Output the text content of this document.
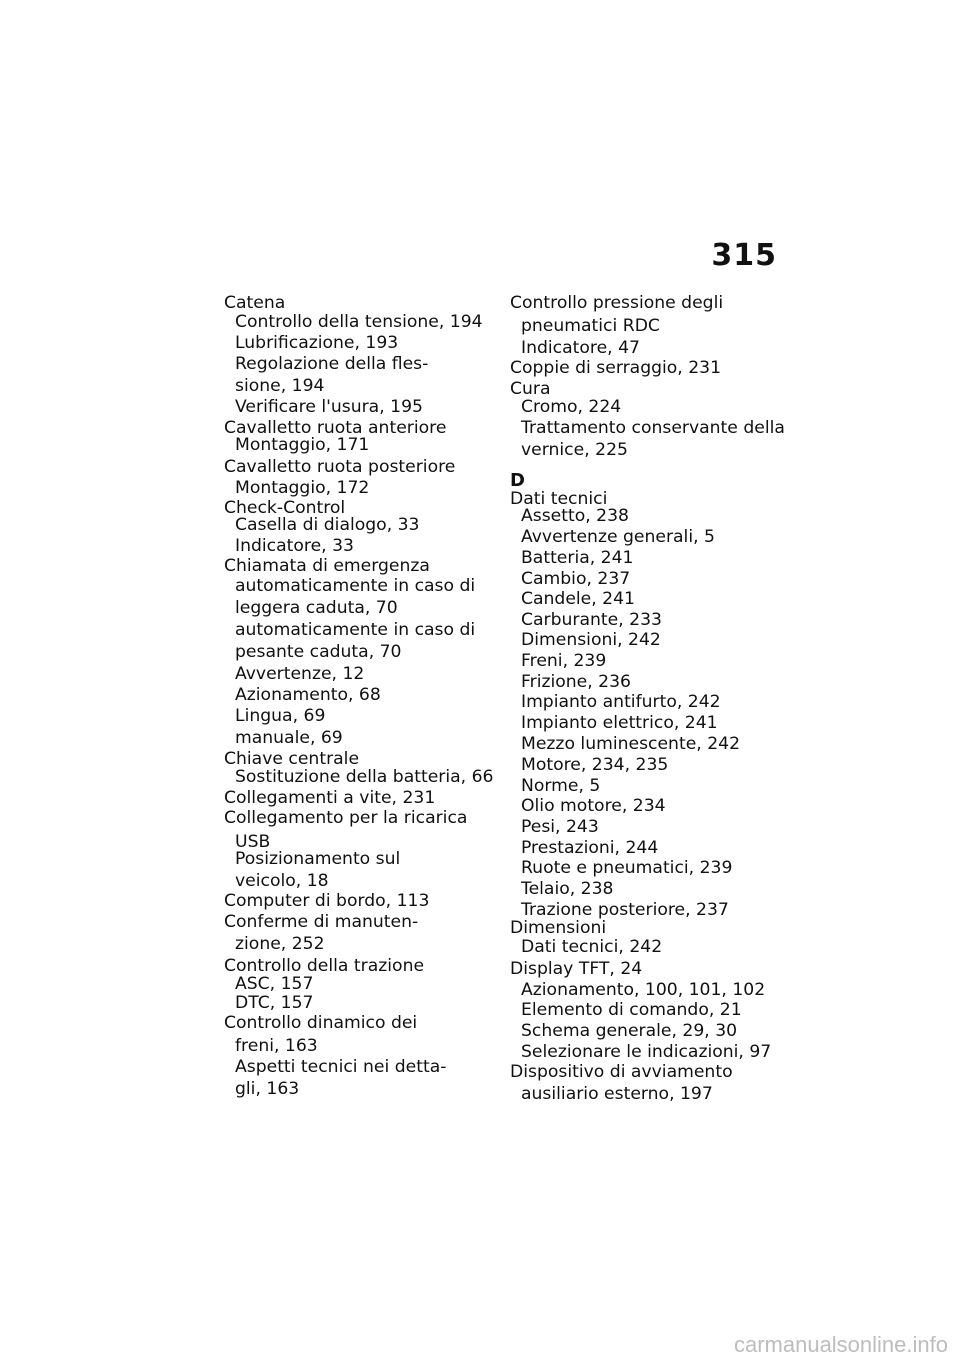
315
Catena
Controllo della tensione, 194
Lubrificazione, 193
Regolazione della fles-
sione, 194
Verificare l'usura, 195
Cavalletto ruota anteriore
Montaggio, 171
Cavalletto ruota posteriore
Montaggio, 172
Check-Control
Casella di dialogo, 33
Indicatore, 33
Chiamata di emergenza
automaticamente in caso di
leggera caduta, 70
automaticamente in caso di
pesante caduta, 70
Avvertenze, 12
Azionamento, 68
Lingua, 69
manuale, 69
Chiave centrale
Sostituzione della batteria, 66
Collegamenti a vite, 231
Collegamento per la ricarica
USB
Posizionamento sul
veicolo, 18
Computer di bordo, 113
Conferme di manuten-
zione, 252
Controllo della trazione
ASC, 157
DTC, 157
Controllo dinamico dei
freni, 163
Aspetti tecnici nei detta-
gli, 163
Controllo pressione degli
pneumatici RDC
Indicatore, 47
Coppie di serraggio, 231
Cura
Cromo, 224
Trattamento conservante della
vernice, 225
D
Dati tecnici
Assetto, 238
Avvertenze generali, 5
Batteria, 241
Cambio, 237
Candele, 241
Carburante, 233
Dimensioni, 242
Freni, 239
Frizione, 236
Impianto antifurto, 242
Impianto elettrico, 241
Mezzo luminescente, 242
Motore, 234, 235
Norme, 5
Olio motore, 234
Pesi, 243
Prestazioni, 244
Ruote e pneumatici, 239
Telaio, 238
Trazione posteriore, 237
Dimensioni
Dati tecnici, 242
Display TFT, 24
Azionamento, 100, 101, 102
Elemento di comando, 21
Schema generale, 29, 30
Selezionare le indicazioni, 97
Dispositivo di avviamento
ausiliario esterno, 197
carmanualsonline.info
